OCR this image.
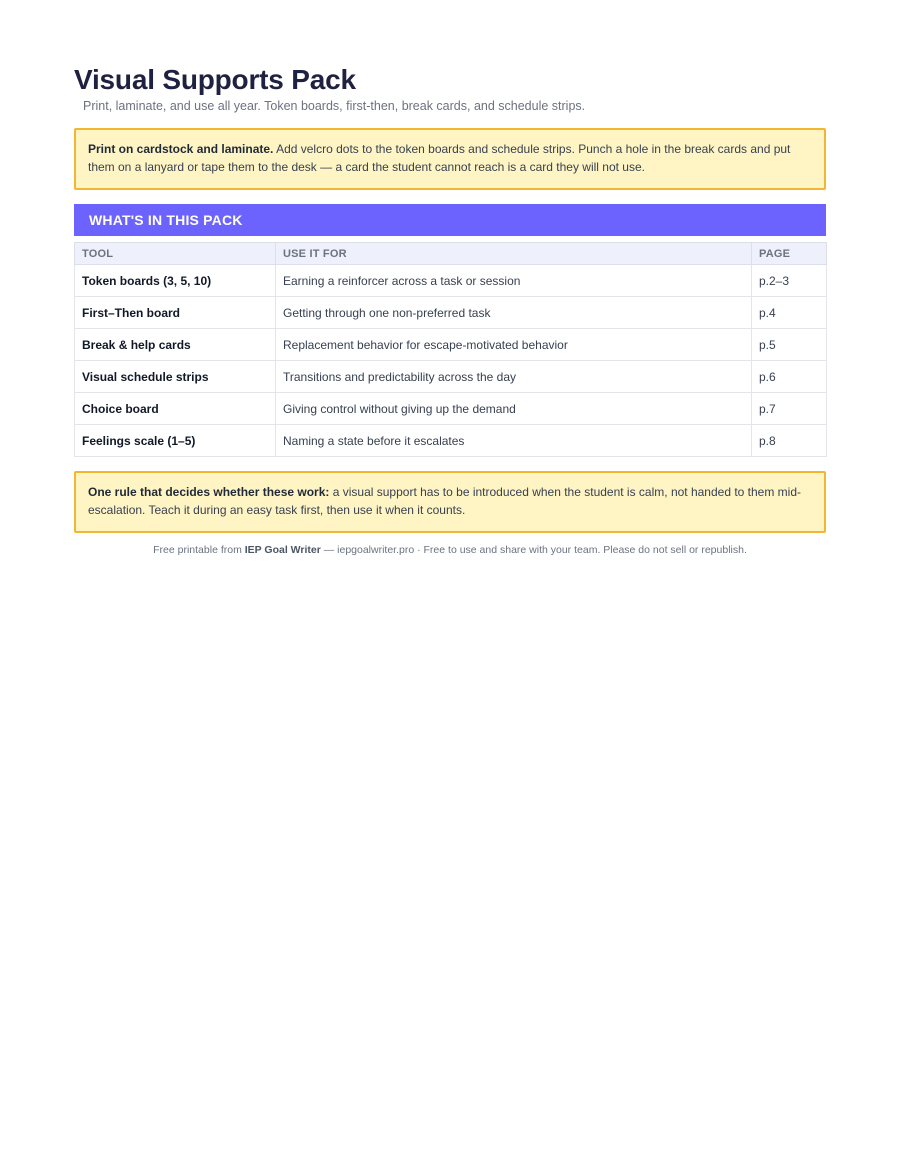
Visual Supports Pack

Print, laminate, and use all year. Token boards, first-then, break cards, and schedule strips.

Print on cardstock and laminate. Add velcro dots to the token boards and schedule strips. Punch a hole in the break cards and put them on a lanyard or tape them to the desk — a card the student cannot reach is a card they will not use.
WHAT'S IN THIS PACK
TOOL	USE IT FOR	PAGE
Token boards (3, 5, 10)	Earning a reinforcer across a task or session	p.2–3
First–Then board	Getting through one non-preferred task	p.4
Break & help cards	Replacement behavior for escape-motivated behavior	p.5
Visual schedule strips	Transitions and predictability across the day	p.6
Choice board	Giving control without giving up the demand	p.7
Feelings scale (1–5)	Naming a state before it escalates	p.8
One rule that decides whether these work: a visual support has to be introduced when the student is calm, not handed to them mid-escalation. Teach it during an easy task first, then use it when it counts.
Free printable from IEP Goal Writer — iepgoalwriter.pro · Free to use and share with your team. Please do not sell or republish.
